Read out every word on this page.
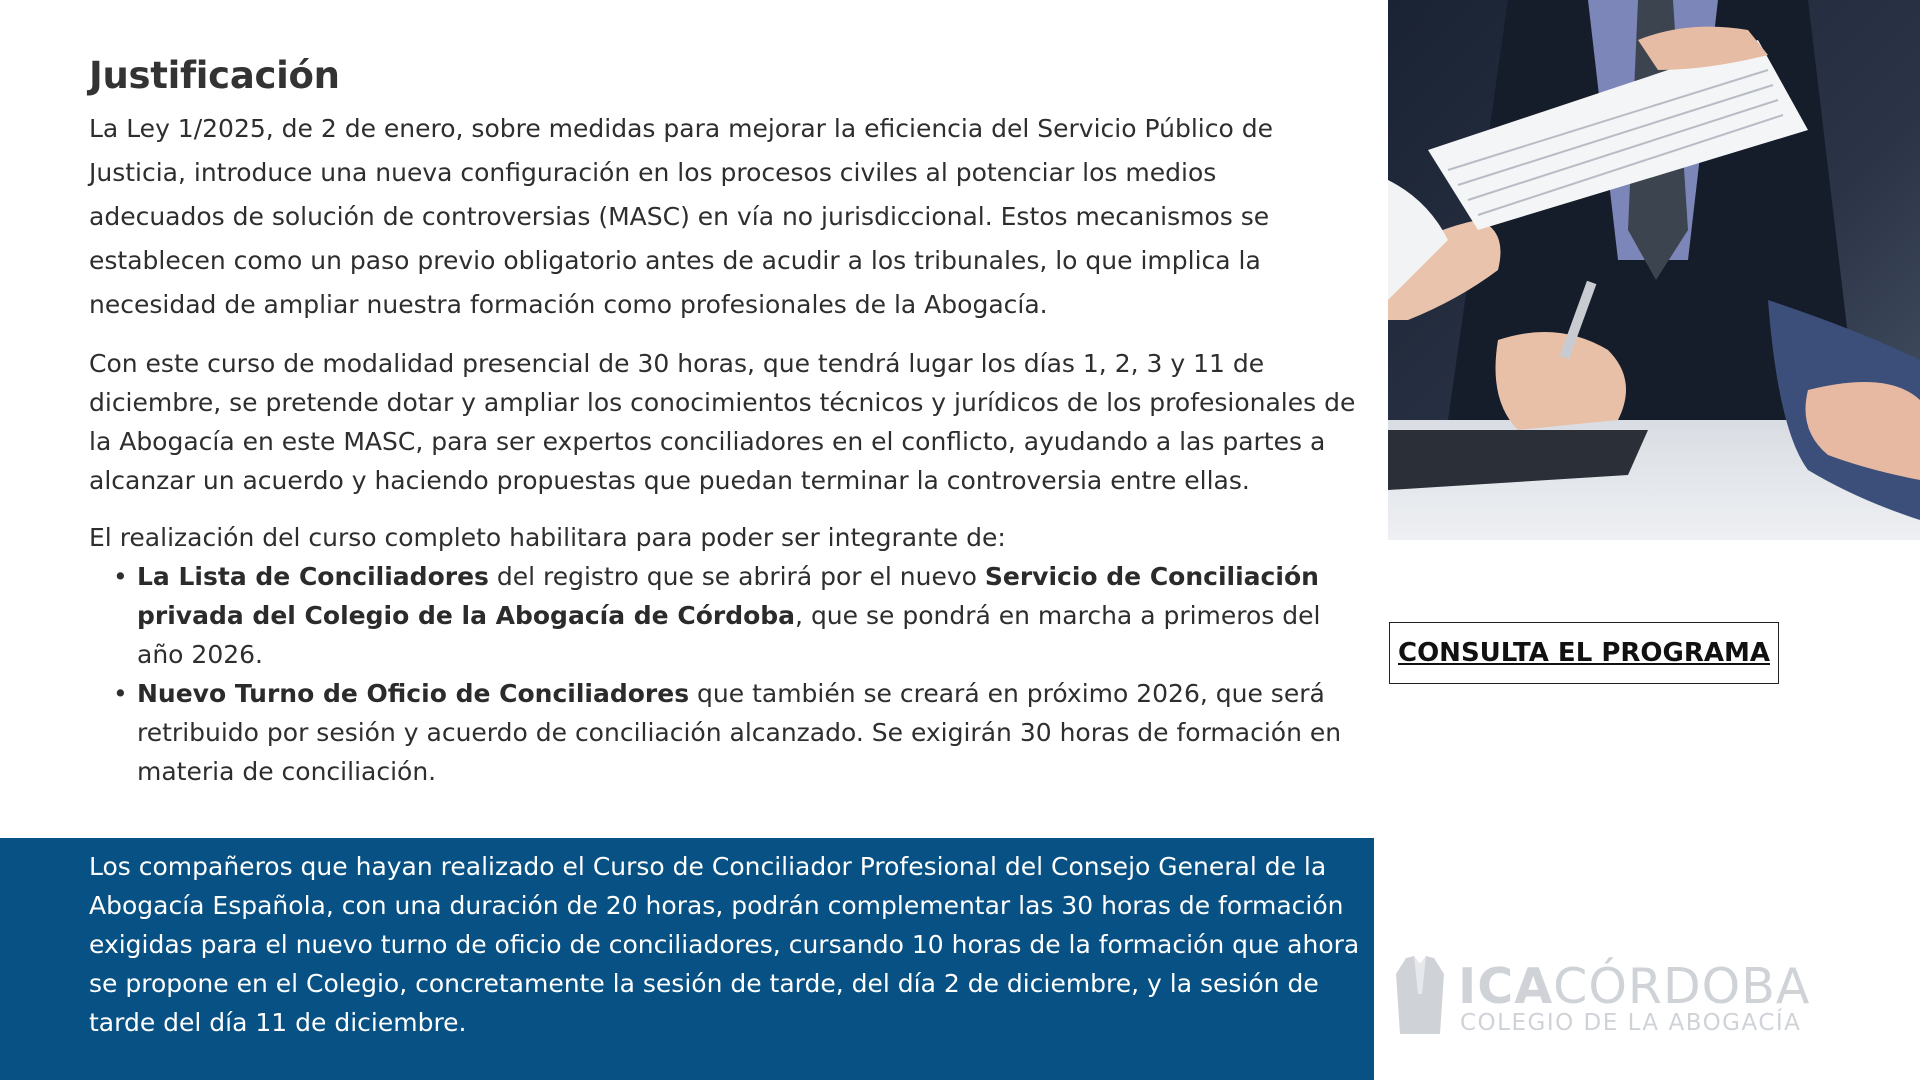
Justificación

La Ley 1/2025, de 2 de enero, sobre medidas para mejorar la eficiencia del Servicio Público de Justicia, introduce una nueva configuración en los procesos civiles al potenciar los medios adecuados de solución de controversias (MASC) en vía no jurisdiccional. Estos mecanismos se establecen como un paso previo obligatorio antes de acudir a los tribunales, lo que implica la necesidad de ampliar nuestra formación como profesionales de la Abogacía.

Con este curso de modalidad presencial de 30 horas, que tendrá lugar los días 1, 2, 3 y 11 de diciembre, se pretende dotar y ampliar los conocimientos técnicos y jurídicos de los profesionales de la Abogacía en este MASC, para ser expertos conciliadores en el conflicto, ayudando a las partes a alcanzar un acuerdo y haciendo propuestas que puedan terminar la controversia entre ellas.

El realización del curso completo habilitara para poder ser integrante de:

• La Lista de Conciliadores del registro que se abrirá por el nuevo Servicio de Conciliación privada del Colegio de la Abogacía de Córdoba, que se pondrá en marcha a primeros del año 2026.
• Nuevo Turno de Oficio de Conciliadores que también se creará en próximo 2026, que será retribuido por sesión y acuerdo de conciliación alcanzado. Se exigirán 30 horas de formación en materia de conciliación.
CONSULTA EL PROGRAMA

Los compañeros que hayan realizado el Curso de Conciliador Profesional del Consejo General de la Abogacía Española, con una duración de 20 horas, podrán complementar las 30 horas de formación exigidas para el nuevo turno de oficio de conciliadores, cursando 10 horas de la formación que ahora se propone en el Colegio, concretamente la sesión de tarde, del día 2 de diciembre, y la sesión de tarde del día 11 de diciembre.

ICACÓRDOBA
COLEGIO DE LA ABOGACÍA
